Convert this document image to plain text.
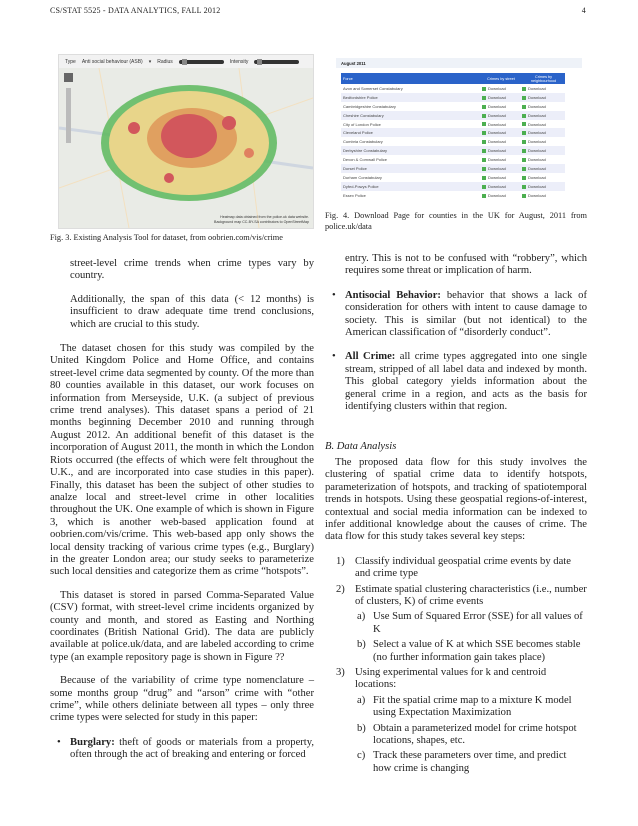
CS/STAT 5525 - DATA ANALYTICS, FALL 2012	4
Type Anti social behaviour (ASB) ▾ Radius	Intensity
Heatmap data obtained from the police.uk data website.
Background map CC-BY-SA contributors to OpenStreetMap
Fig. 3. Existing Analysis Tool for dataset, from oobrien.com/vis/crime
August 2011
Force	Crimes by street	Crimes by neighbourhood
Avon and Somerset Constabulary	Download	Download
Bedfordshire Police	Download	Download
Cambridgeshire Constabulary	Download	Download
Cheshire Constabulary	Download	Download
City of London Police	Download	Download
Cleveland Police	Download	Download
Cumbria Constabulary	Download	Download
Derbyshire Constabulary	Download	Download
Devon & Cornwall Police	Download	Download
Dorset Police	Download	Download
Durham Constabulary	Download	Download
Dyfed-Powys Police	Download	Download
Essex Police	Download	Download
Fig. 4. Download Page for counties in the UK for August, 2011 from police.uk/data

street-level crime trends when crime types vary by country.

Additionally, the span of this data (< 12 months) is insufficient to draw adequate time trend conclusions, which are crucial to this study.

The dataset chosen for this study was compiled by the United Kingdom Police and Home Office, and contains street-level crime data segmented by county. Of the more than 80 counties available in this dataset, our work focuses on information from Merseyside, U.K. (a subject of previous crime trend analyses). This dataset spans a period of 21 months beginning December 2010 and running through August 2012. An additional benefit of this dataset is the incorporation of August 2011, the month in which the London Riots occurred (the effects of which were felt throughout the U.K., and are incorporated into case studies in this paper). Finally, this dataset has been the subject of other studies to analze local and street-level crime in other localities throughout the UK. One example of which is shown in Figure 3, which is another web-based application found at oobrien.com/vis/crime. This web-based app only shows the local density tracking of various crime types (e.g., Burglary) in the greater London area; our study seeks to parameterize such local densities and categorize them as crime “hotspots”.

This dataset is stored in parsed Comma-Separated Value (CSV) format, with street-level crime incidents organized by county and month, and stored as Easting and Northing coordinates (British National Grid). The data are publicly available at police.uk/data, and are labeled according to crime type (an example repository page is shown in Figure ??

Because of the variability of crime type nomenclature – some months group “drug” and “arson” crime with “other crime”, while others deliniate between all types – only three crime types were selected for study in this paper:

• Burglary: theft of goods or materials from a property, often through the act of breaking and entering or forced

entry. This is not to be confused with “robbery”, which requires some threat or implication of harm.

• Antisocial Behavior: behavior that shows a lack of consideration for others with intent to cause damage to society. This is similar (but not identical) to the American classification of “disorderly conduct”.
• All Crime: all crime types aggregated into one single stream, stripped of all label data and indexed by month. This global category yields information about the general crime in a region, and acts as the basis for identifying clusters within that region.

B. Data Analysis

The proposed data flow for this study involves the clustering of spatial crime data to identify hotspots, parameterization of hotspots, and tracking of spatiotemporal trends in hotspots. Using these geospatial regions-of-interest, contextual and social media information can be indexed to infer additional knowledge about the causes of crime. The data flow for this study takes several key steps:

1) Classify individual geospatial crime events by date and crime type
2) Estimate spatial clustering characteristics (i.e., number of clusters, K) of crime events
a) Use Sum of Squared Error (SSE) for all values of K
b) Select a value of K at which SSE becomes stable (no further information gain takes place)
3) Using experimental values for k and centroid locations:
a) Fit the spatial crime map to a mixture K model using Expectation Maximization
b) Obtain a parameterized model for crime hotspot locations, shapes, etc.
c) Track these parameters over time, and predict how crime is changing
